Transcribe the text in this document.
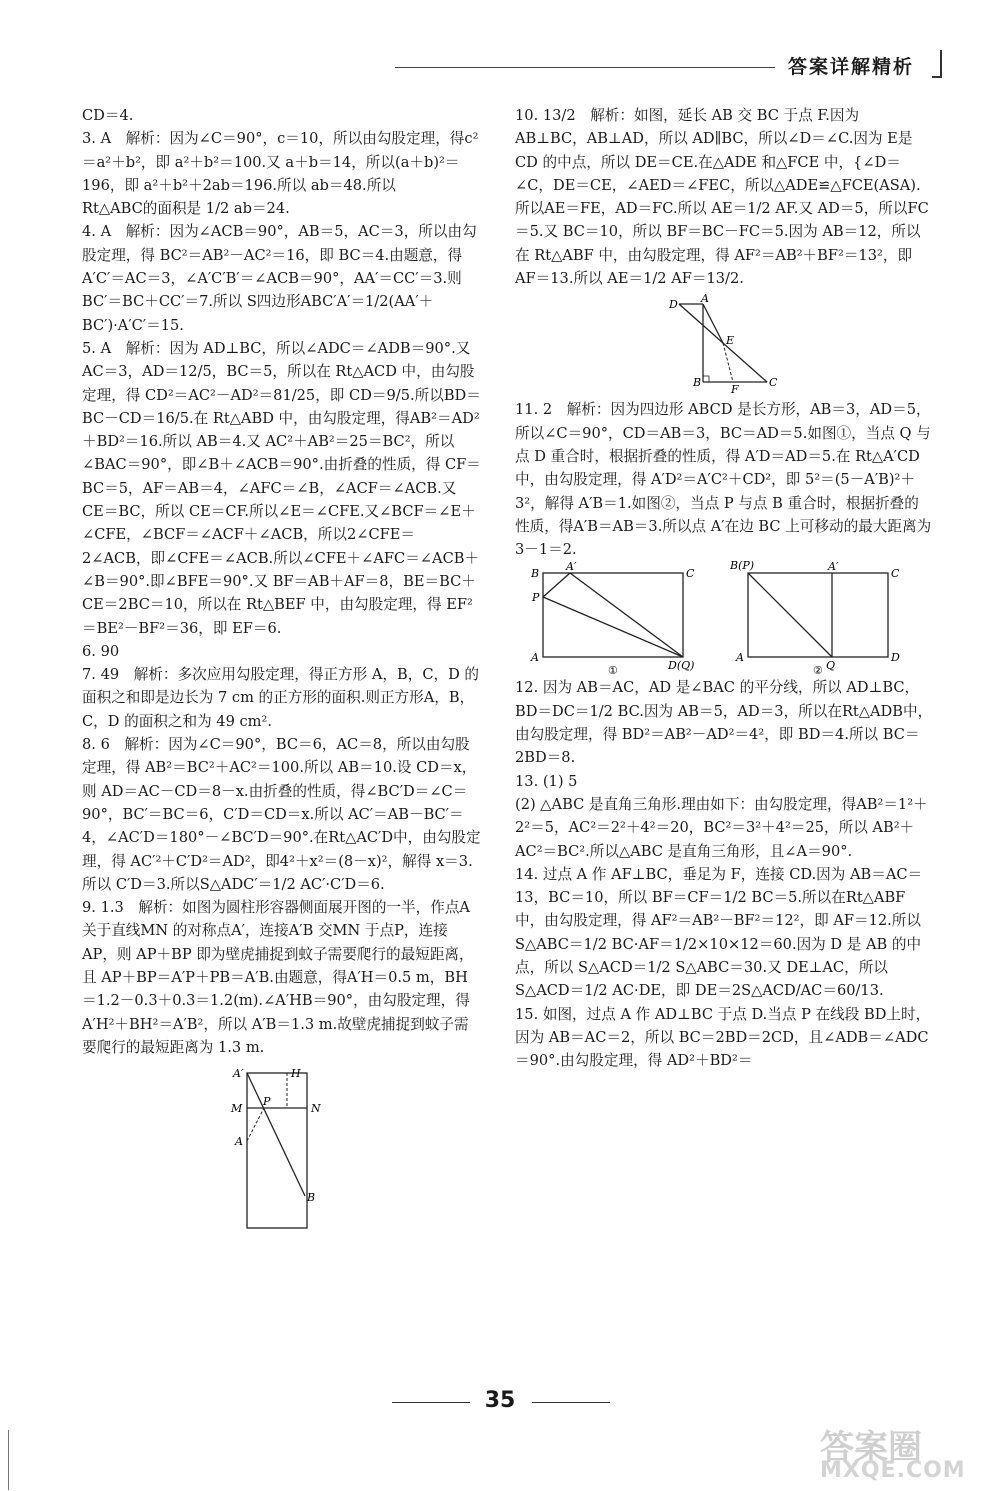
答案详解精析

CD＝4.

3. A　解析：因为∠C＝90°，c＝10，所以由勾股定理，得c²＝a²＋b²，即 a²＋b²＝100.又 a＋b＝14，所以(a＋b)²＝196，即 a²＋b²＋2ab＝196.所以 ab＝48.所以

Rt△ABC的面积是 1/2 ab＝24.

4. A　解析：因为∠ACB＝90°，AB＝5，AC＝3，所以由勾股定理，得 BC²＝AB²－AC²＝16，即 BC＝4.由题意，得A′C′＝AC＝3，∠A′C′B′＝∠ACB＝90°，AA′＝CC′＝3.则 BC′＝BC＋CC′＝7.所以 S四边形ABC′A′＝1/2(AA′＋BC′)·A′C′＝15.

5. A　解析：因为 AD⊥BC，所以∠ADC＝∠ADB＝90°.又 AC＝3，AD＝12/5，BC＝5，所以在 Rt△ACD 中，由勾股定理，得 CD²＝AC²－AD²＝81/25，即 CD＝9/5.所以BD＝BC－CD＝16/5.在 Rt△ABD 中，由勾股定理，得AB²＝AD²＋BD²＝16.所以 AB＝4.又 AC²＋AB²＝25＝BC²，所以∠BAC＝90°，即∠B＋∠ACB＝90°.由折叠的性质，得 CF＝BC＝5，AF＝AB＝4，∠AFC＝∠B，∠ACF＝∠ACB.又 CE＝BC，所以 CE＝CF.所以∠E＝∠CFE.又∠BCF＝∠E＋∠CFE，∠BCF＝∠ACF＋∠ACB，所以2∠CFE＝2∠ACB，即∠CFE＝∠ACB.所以∠CFE＋∠AFC＝∠ACB＋∠B＝90°.即∠BFE＝90°.又 BF＝AB＋AF＝8，BE＝BC＋CE＝2BC＝10，所以在 Rt△BEF 中，由勾股定理，得 EF²＝BE²－BF²＝36，即 EF＝6.

6. 90

7. 49　解析：多次应用勾股定理，得正方形 A，B，C，D 的面积之和即是边长为 7 cm 的正方形的面积.则正方形A，B，C，D 的面积之和为 49 cm².

8. 6　解析：因为∠C＝90°，BC＝6，AC＝8，所以由勾股定理，得 AB²＝BC²＋AC²＝100.所以 AB＝10.设 CD＝x，则 AD＝AC－CD＝8－x.由折叠的性质，得∠BC′D＝∠C＝90°，BC′＝BC＝6，C′D＝CD＝x.所以 AC′＝AB－BC′＝4，∠AC′D＝180°－∠BC′D＝90°.在Rt△AC′D中，由勾股定理，得 AC′²＋C′D²＝AD²，即4²＋x²＝(8－x)²，解得 x＝3.所以 C′D＝3.所以S△ADC′＝1/2 AC′·C′D＝6.

9. 1.3　解析：如图为圆柱形容器侧面展开图的一半，作点A 关于直线MN 的对称点A′，连接A′B 交MN 于点P，连接 AP，则 AP＋BP 即为壁虎捕捉到蚊子需要爬行的最短距离，且 AP＋BP＝A′P＋PB＝A′B.由题意，得A′H＝0.5 m，BH＝1.2－0.3＋0.3＝1.2(m).∠A′HB＝90°，由勾股定理，得 A′H²＋BH²＝A′B²，所以 A′B＝1.3 m.故壁虎捕捉到蚊子需要爬行的最短距离为 1.3 m.

A′	H
P
M	N
A
B

10. 13/2　解析：如图，延长 AB 交 BC 于点 F.因为 AB⊥BC，AB⊥AD，所以 AD∥BC，所以∠D＝∠C.因为 E是CD 的中点，所以 DE＝CE.在△ADE 和△FCE 中，{∠D＝∠C，DE＝CE，∠AED＝∠FEC，所以△ADE≌△FCE(ASA).所以AE＝FE，AD＝FC.所以 AE＝1/2 AF.又 AD＝5，所以FC＝5.又 BC＝10，所以 BF＝BC－FC＝5.因为 AB＝12，所以在 Rt△ABF 中，由勾股定理，得 AF²＝AB²＋BF²＝13²，即 AF＝13.所以 AE＝1/2 AF＝13/2.

D A
E
B
F
C

11. 2　解析：因为四边形 ABCD 是长方形，AB＝3，AD＝5，所以∠C＝90°，CD＝AB＝3，BC＝AD＝5.如图①，当点 Q 与点 D 重合时，根据折叠的性质，得 A′D＝AD＝5.在 Rt△A′CD 中，由勾股定理，得 A′D²＝A′C²＋CD²，即 5²＝(5－A′B)²＋3²，解得 A′B＝1.如图②，当点 P 与点 B 重合时，根据折叠的性质，得A′B＝AB＝3.所以点 A′在边 BC 上可移动的最大距离为 3－1＝2.

B
A′
C
P
A
D(Q)
①
B(P)	A′
C
A
Q
D
②

12. 因为 AB＝AC，AD 是∠BAC 的平分线，所以 AD⊥BC，BD＝DC＝1/2 BC.因为 AB＝5，AD＝3，所以在Rt△ADB中，由勾股定理，得 BD²＝AB²－AD²＝4²，即 BD＝4.所以 BC＝2BD＝8.

13. (1) 5

(2) △ABC 是直角三角形.理由如下：由勾股定理，得AB²＝1²＋2²＝5，AC²＝2²＋4²＝20，BC²＝3²＋4²＝25，所以 AB²＋AC²＝BC².所以△ABC 是直角三角形，且∠A＝90°.

14. 过点 A 作 AF⊥BC，垂足为 F，连接 CD.因为 AB＝AC＝13，BC＝10，所以 BF＝CF＝1/2 BC＝5.所以在Rt△ABF 中，由勾股定理，得 AF²＝AB²－BF²＝12²，即 AF＝12.所以 S△ABC＝1/2 BC·AF＝1/2×10×12＝60.因为 D 是 AB 的中点，所以 S△ACD＝1/2 S△ABC＝30.又 DE⊥AC，所以 S△ACD＝1/2 AC·DE，即 DE＝2S△ACD/AC＝60/13.

15. 如图，过点 A 作 AD⊥BC 于点 D.当点 P 在线段 BD上时，因为 AB＝AC＝2，所以 BC＝2BD＝2CD，且∠ADB＝∠ADC＝90°.由勾股定理，得 AD²＋BD²＝

35
答案圈
MXQE.COM
